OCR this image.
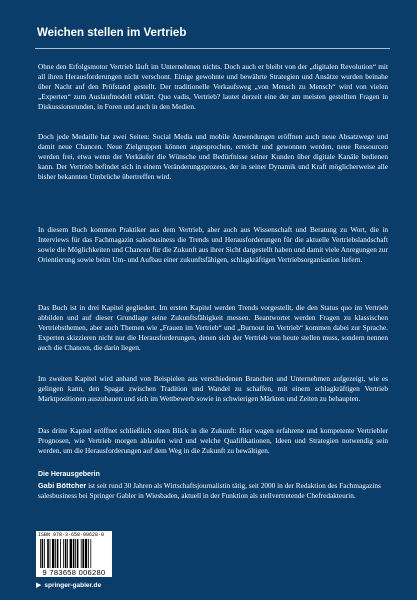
Weichen stellen im Vertrieb
Ohne den Erfolgsmotor Vertrieb läuft im Unternehmen nichts. Doch auch er bleibt von der „digitalen Revolution“ mit all ihren Herausforderungen nicht verschont. Einige gewohnte und bewährte Strategien und Ansätze wurden beinahe über Nacht auf den Prüfstand gestellt. Der traditionelle Verkaufsweg „von Mensch zu Mensch“ wird von vielen „Experten“ zum Auslaufmodell erklärt. Quo vadis, Vertrieb? lautet derzeit eine der am meisten gestellten Fragen in Diskussionsrunden, in Foren und auch in den Medien.
Doch jede Medaille hat zwei Seiten: Social Media und mobile Anwendungen eröffnen auch neue Absatzwege und damit neue Chancen. Neue Zielgruppen können angesprochen, erreicht und gewonnen werden, neue Ressourcen werden frei, etwa wenn der Verkäufer die Wünsche und Bedürfnisse seiner Kunden über digitale Kanäle bedienen kann. Der Vertrieb befindet sich in einem Veränderungsprozess, der in seiner Dynamik und Kraft möglicherweise alle bisher bekannten Umbrüche übertreffen wird.
In diesem Buch kommen Praktiker aus dem Vertrieb, aber auch aus Wissenschaft und Beratung zu Wort, die in Interviews für das Fachmagazin salesbusiness die Trends und Herausforderungen für die aktuelle Vertriebslandschaft sowie die Möglichkeiten und Chancen für die Zukunft aus ihrer Sicht dargestellt haben und damit viele Anregungen zur Orientierung sowie beim Um- und Aufbau einer zukunftsfähigen, schlagkräftigen Vertriebsorganisation liefern.
Das Buch ist in drei Kapitel gegliedert. Im ersten Kapitel werden Trends vorgestellt, die den Status quo im Vertrieb abbilden und auf dieser Grundlage seine Zukunftsfähigkeit messen. Beantwortet werden Fragen zu klassischen Vertriebsthemen, aber auch Themen wie „Frauen im Vertrieb“ und „Burnout im Vertrieb“ kommen dabei zur Sprache. Experten skizzieren nicht nur die Herausforderungen, denen sich der Vertrieb von heute stellen muss, sondern nennen auch die Chancen, die darin liegen.
Im zweiten Kapitel wird anhand von Beispielen aus verschiedenen Branchen und Unternehmen aufgezeigt, wie es gelingen kann, den Spagat zwischen Tradition und Wandel zu schaffen, mit einem schlagkräftigen Vertrieb Marktpositionen auszubauen und sich im Wettbewerb sowie in schwierigen Märkten und Zeiten zu behaupten.
Das dritte Kapitel eröffnet schließlich einen Blick in die Zukunft: Hier wagen erfahrene und kompetente Vertriebler Prognosen, wie Vertrieb morgen ablaufen wird und welche Qualifikationen, Ideen und Strategien notwendig sein werden, um die Herausforderungen auf dem Weg in die Zukunft zu bewältigen.
Die Herausgeberin
Gabi Böttcher ist seit rund 30 Jahren als Wirtschaftsjournalistin tätig, seit 2000 in der Redaktion des Fachmagazins salesbusiness bei Springer Gabler in Wiesbaden, aktuell in der Funktion als stellvertretende Chefredakteurin.
ISBN 978-3-658-00628-0
9 783658 006280
▶ springer-gabler.de
